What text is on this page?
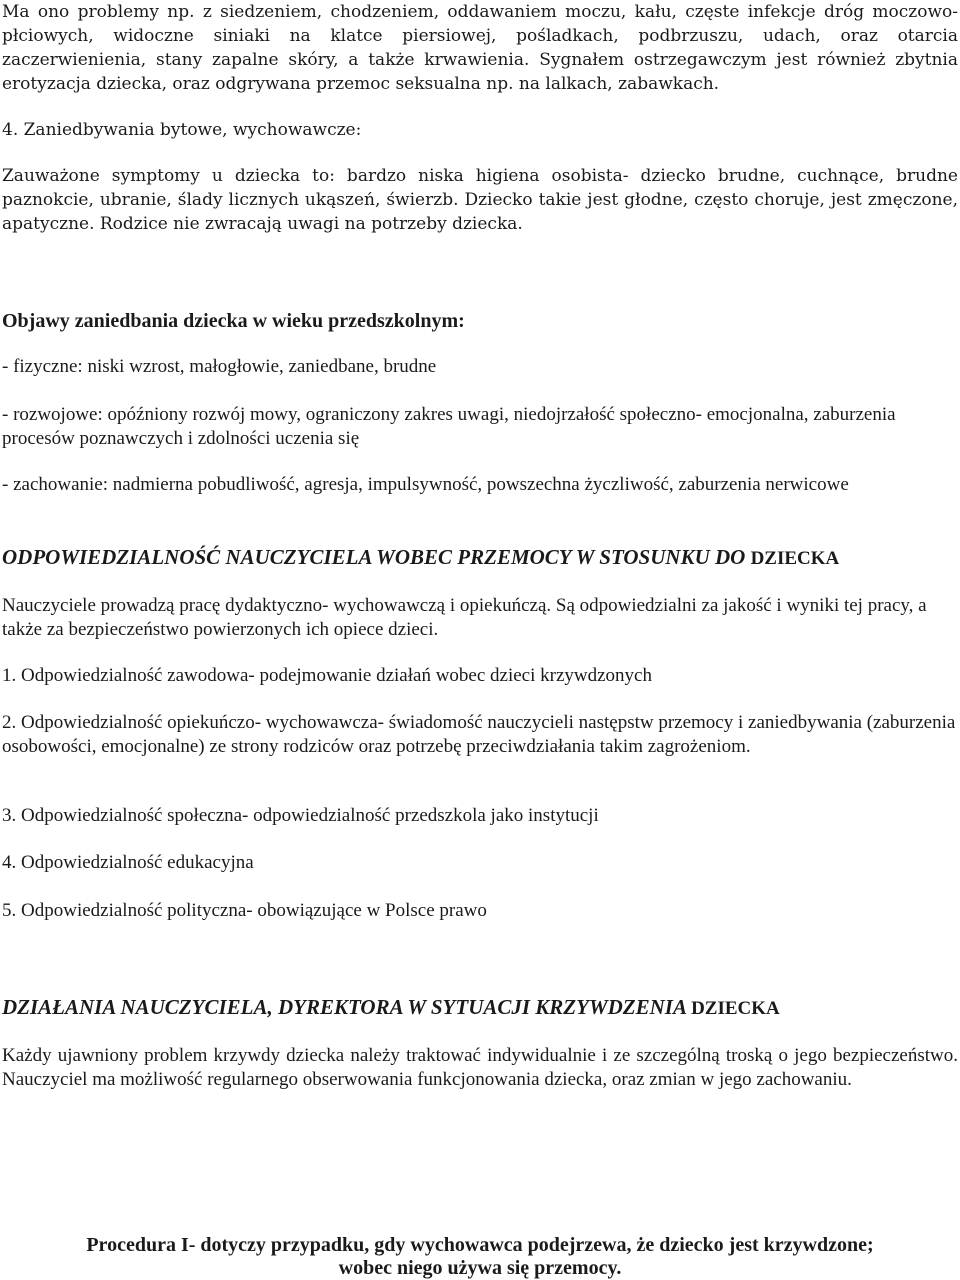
Ma ono problemy np. z siedzeniem, chodzeniem, oddawaniem moczu, kału, częste infekcje dróg moczowo-płciowych, widoczne siniaki na klatce piersiowej, pośladkach, podbrzuszu, udach, oraz otarcia zaczerwienienia, stany zapalne skóry, a także krwawienia. Sygnałem ostrzegawczym jest również zbytnia erotyzacja dziecka, oraz odgrywana przemoc seksualna np. na lalkach, zabawkach.

4. Zaniedbywania bytowe, wychowawcze:

Zauważone symptomy u dziecka to: bardzo niska higiena osobista- dziecko brudne, cuchnące, brudne paznokcie, ubranie, ślady licznych ukąszeń, świerzb. Dziecko takie jest głodne, często choruje, jest zmęczone, apatyczne. Rodzice nie zwracają uwagi na potrzeby dziecka.

Objawy zaniedbania dziecka w wieku przedszkolnym:

- fizyczne: niski wzrost, małogłowie, zaniedbane, brudne

- rozwojowe: opóźniony rozwój mowy, ograniczony zakres uwagi, niedojrzałość społeczno- emocjonalna, zaburzenia procesów poznawczych i zdolności uczenia się

- zachowanie: nadmierna pobudliwość, agresja, impulsywność, powszechna życzliwość, zaburzenia nerwicowe

ODPOWIEDZIALNOŚĆ NAUCZYCIELA WOBEC PRZEMOCY W STOSUNKU DO DZIECKA

Nauczyciele prowadzą pracę dydaktyczno- wychowawczą i opiekuńczą. Są odpowiedzialni za jakość i wyniki tej pracy, a także za bezpieczeństwo powierzonych ich opiece dzieci.

1. Odpowiedzialność zawodowa- podejmowanie działań wobec dzieci krzywdzonych

2. Odpowiedzialność opiekuńczo- wychowawcza- świadomość nauczycieli następstw przemocy i zaniedbywania (zaburzenia osobowości, emocjonalne) ze strony rodziców oraz potrzebę przeciwdziałania takim zagrożeniom.

3. Odpowiedzialność społeczna- odpowiedzialność przedszkola jako instytucji

4. Odpowiedzialność edukacyjna

5. Odpowiedzialność polityczna- obowiązujące w Polsce prawo

DZIAŁANIA NAUCZYCIELA, DYREKTORA W SYTUACJI KRZYWDZENIA DZIECKA

Każdy ujawniony problem krzywdy dziecka należy traktować indywidualnie i ze szczególną troską o jego bezpieczeństwo. Nauczyciel ma możliwość regularnego obserwowania funkcjonowania dziecka, oraz zmian w jego zachowaniu.

Procedura I- dotyczy przypadku, gdy wychowawca podejrzewa, że dziecko jest krzywdzone;
wobec niego używa się przemocy.
